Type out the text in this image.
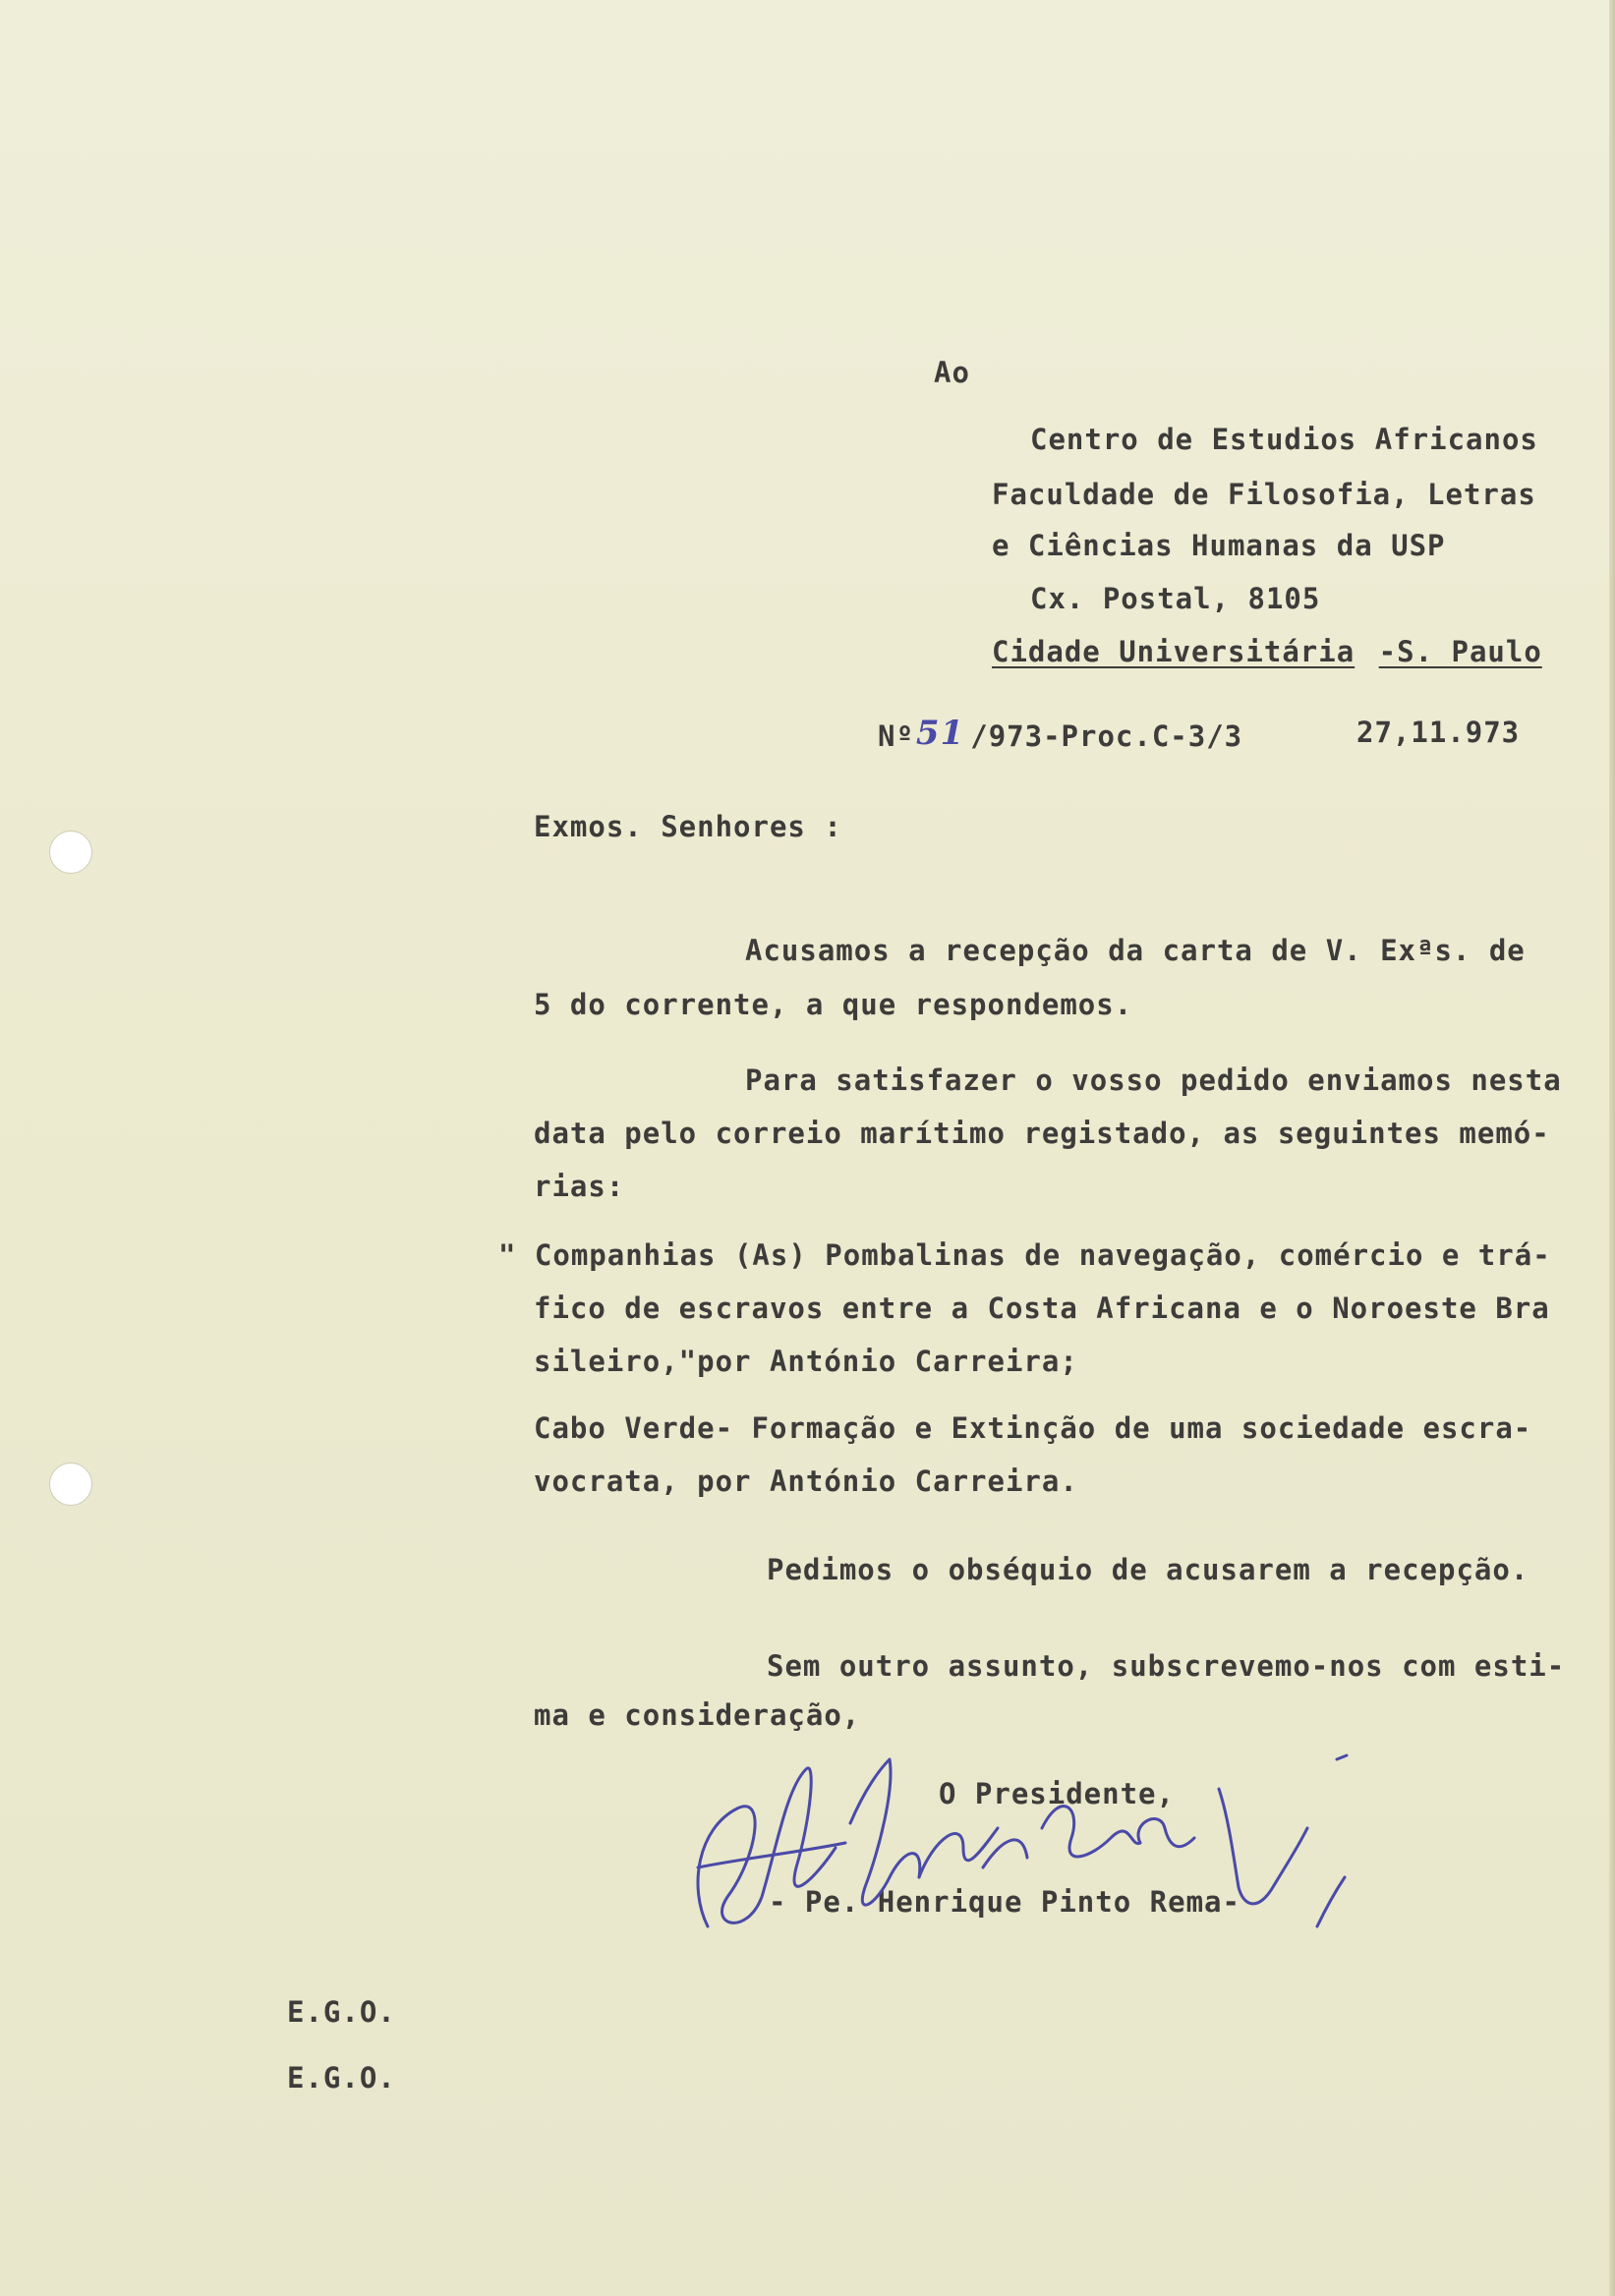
Ao
Centro de Estudios Africanos
Faculdade de Filosofia, Letras
e Ciências Humanas da USP
Cx. Postal, 8105
Cidade Universitária -S. Paulo
Nº51 /973-Proc.C-3/3	27,11.973
Exmos. Senhores :
Acusamos a recepção da carta de V. Exªs. de
5 do corrente, a que respondemos.
Para satisfazer o vosso pedido enviamos nesta
data pelo correio marítimo registado, as seguintes memó-
rias:
" Companhias (As) Pombalinas de navegação, comércio e trá-
fico de escravos entre a Costa Africana e o Noroeste Bra
sileiro,"por António Carreira;
Cabo Verde- Formação e Extinção de uma sociedade escra-
vocrata, por António Carreira.
Pedimos o obséquio de acusarem a recepção.
Sem outro assunto, subscrevemo-nos com esti-
ma e consideração,
O Presidente,
- Pe. Henrique Pinto Rema-
E.G.O.
E.G.O.
